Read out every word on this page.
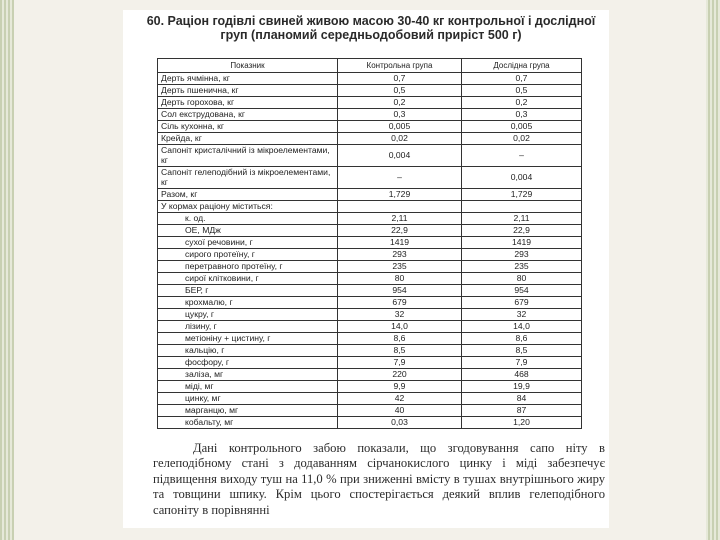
60. Раціон годівлі свиней живою масою 30-40 кг контрольної і дослідної груп (планомий середньодобовий приріст 500 г)
Показник	Контрольна група	Дослідна група
Дерть ячмінна, кг	0,7	0,7
Дерть пшенична, кг	0,5	0,5
Дерть горохова, кг	0,2	0,2
Сол екструдована, кг	0,3	0,3
Сіль кухонна, кг	0,005	0,005
Крейда, кг	0,02	0,02
Сапоніт кристалічний із мікроелементами, кг	0,004	–
Сапоніт гелеподібний із мікроелементами, кг	–	0,004
Разом, кг	1,729	1,729
У кормах раціону міститься:		
к. од.	2,11	2,11
ОЕ, МДж	22,9	22,9
сухої речовини, г	1419	1419
сирого протеїну, г	293	293
перетравного протеїну, г	235	235
сирої клітковини, г	80	80
БЕР, г	954	954
крохмалю, г	679	679
цукру, г	32	32
лізину, г	14,0	14,0
метіоніну + цистину, г	8,6	8,6
кальцію, г	8,5	8,5
фосфору, г	7,9	7,9
заліза, мг	220	468
міді, мг	9,9	19,9
цинку, мг	42	84
марганцю, мг	40	87
кобальту, мг	0,03	1,20
Дані контрольного забою показали, що згодовування сапо ніту в гелеподібному стані з додаванням сірчанокислого цинку і міді забезпечує підвищення виходу туш на 11,0 % при зниженні вмісту в тушах внутрішнього жиру та товщини шпику. Крім цього спостерігається деякий вплив гелеподібного сапоніту в порівнянні
